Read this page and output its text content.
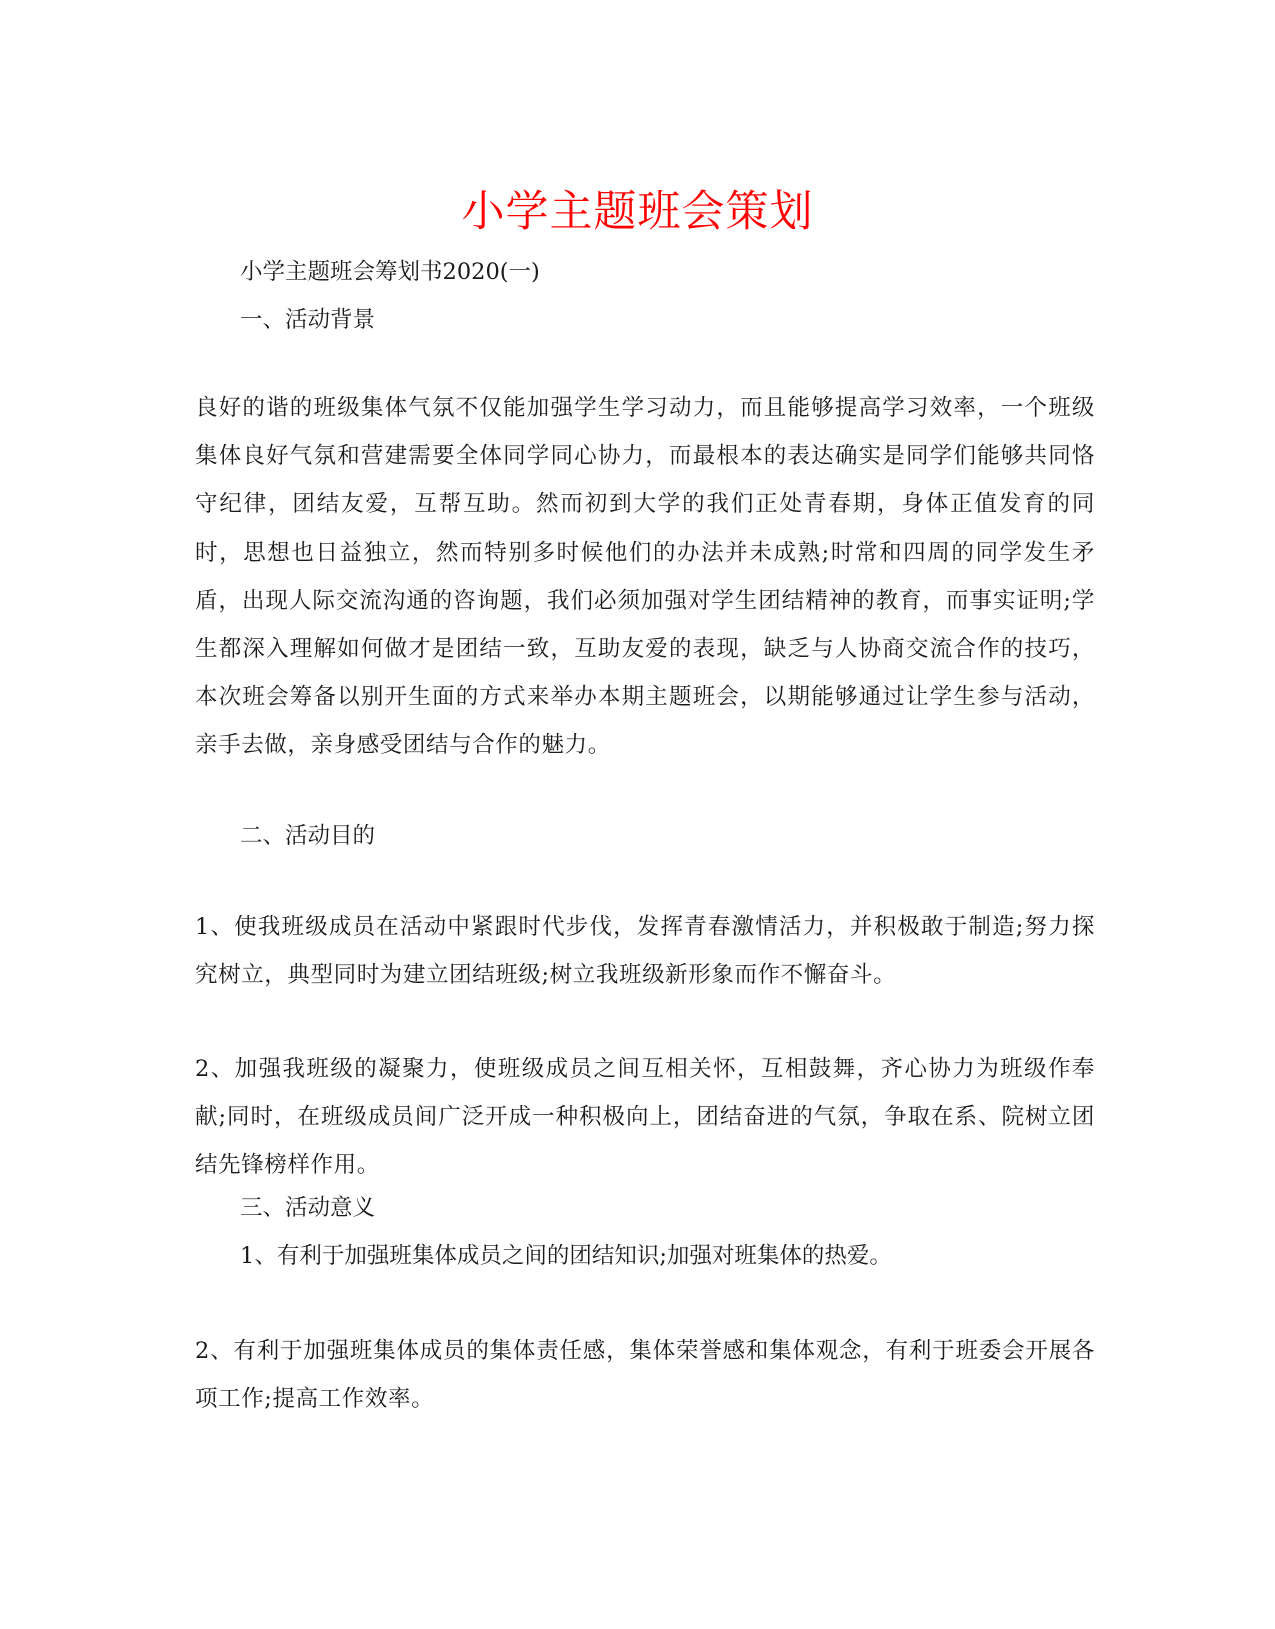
小学主题班会策划
小学主题班会筹划书2020(一)
一、活动背景
良好的谐的班级集体气氛不仅能加强学生学习动力，而且能够提高学习效率，一个班级集体良好气氛和营建需要全体同学同心协力，而最根本的表达确实是同学们能够共同恪守纪律，团结友爱，互帮互助。然而初到大学的我们正处青春期，身体正值发育的同时，思想也日益独立，然而特别多时候他们的办法并未成熟;时常和四周的同学发生矛盾，出现人际交流沟通的咨询题，我们必须加强对学生团结精神的教育，而事实证明;学生都深入理解如何做才是团结一致，互助友爱的表现，缺乏与人协商交流合作的技巧，本次班会筹备以别开生面的方式来举办本期主题班会，以期能够通过让学生参与活动，亲手去做，亲身感受团结与合作的魅力。
二、活动目的
1、使我班级成员在活动中紧跟时代步伐，发挥青春激情活力，并积极敢于制造;努力探究树立，典型同时为建立团结班级;树立我班级新形象而作不懈奋斗。
2、加强我班级的凝聚力，使班级成员之间互相关怀，互相鼓舞，齐心协力为班级作奉献;同时，在班级成员间广泛开成一种积极向上，团结奋进的气氛，争取在系、院树立团结先锋榜样作用。
三、活动意义
1、有利于加强班集体成员之间的团结知识;加强对班集体的热爱。
2、有利于加强班集体成员的集体责任感，集体荣誉感和集体观念，有利于班委会开展各项工作;提高工作效率。
